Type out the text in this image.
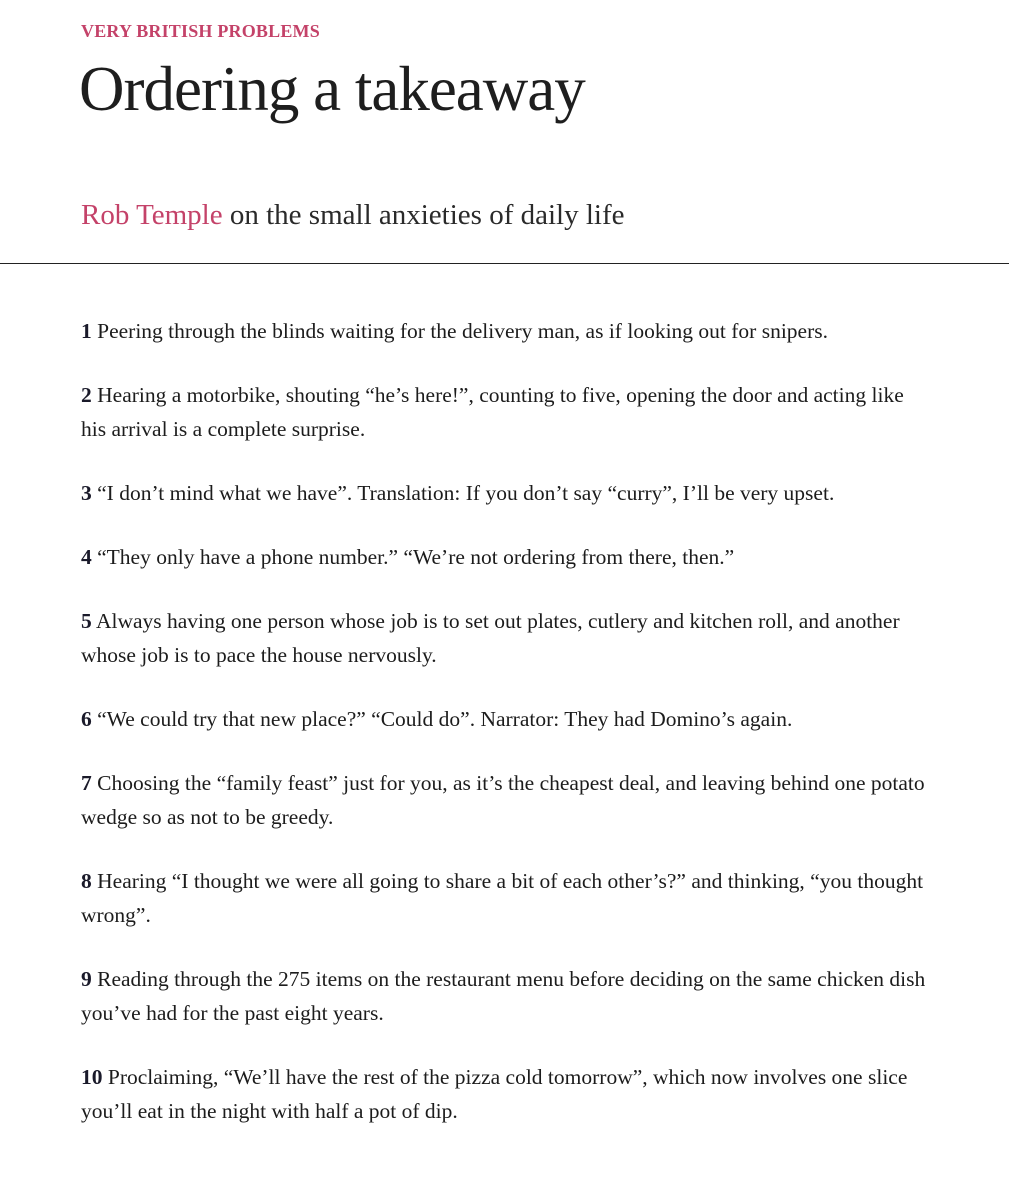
VERY BRITISH PROBLEMS
Ordering a takeaway
Rob Temple on the small anxieties of daily life
1 Peering through the blinds waiting for the delivery man, as if looking out for snipers.
2 Hearing a motorbike, shouting “he’s here!”, counting to five, opening the door and acting like his arrival is a complete surprise.
3 “I don’t mind what we have”. Translation: If you don’t say “curry”, I’ll be very upset.
4 “They only have a phone number.” “We’re not ordering from there, then.”
5 Always having one person whose job is to set out plates, cutlery and kitchen roll, and another whose job is to pace the house nervously.
6 “We could try that new place?” “Could do”. Narrator: They had Domino’s again.
7 Choosing the “family feast” just for you, as it’s the cheapest deal, and leaving behind one potato wedge so as not to be greedy.
8 Hearing “I thought we were all going to share a bit of each other’s?” and thinking, “you thought wrong”.
9 Reading through the 275 items on the restaurant menu before deciding on the same chicken dish you’ve had for the past eight years.
10 Proclaiming, “We’ll have the rest of the pizza cold tomorrow”, which now involves one slice you’ll eat in the night with half a pot of dip.
